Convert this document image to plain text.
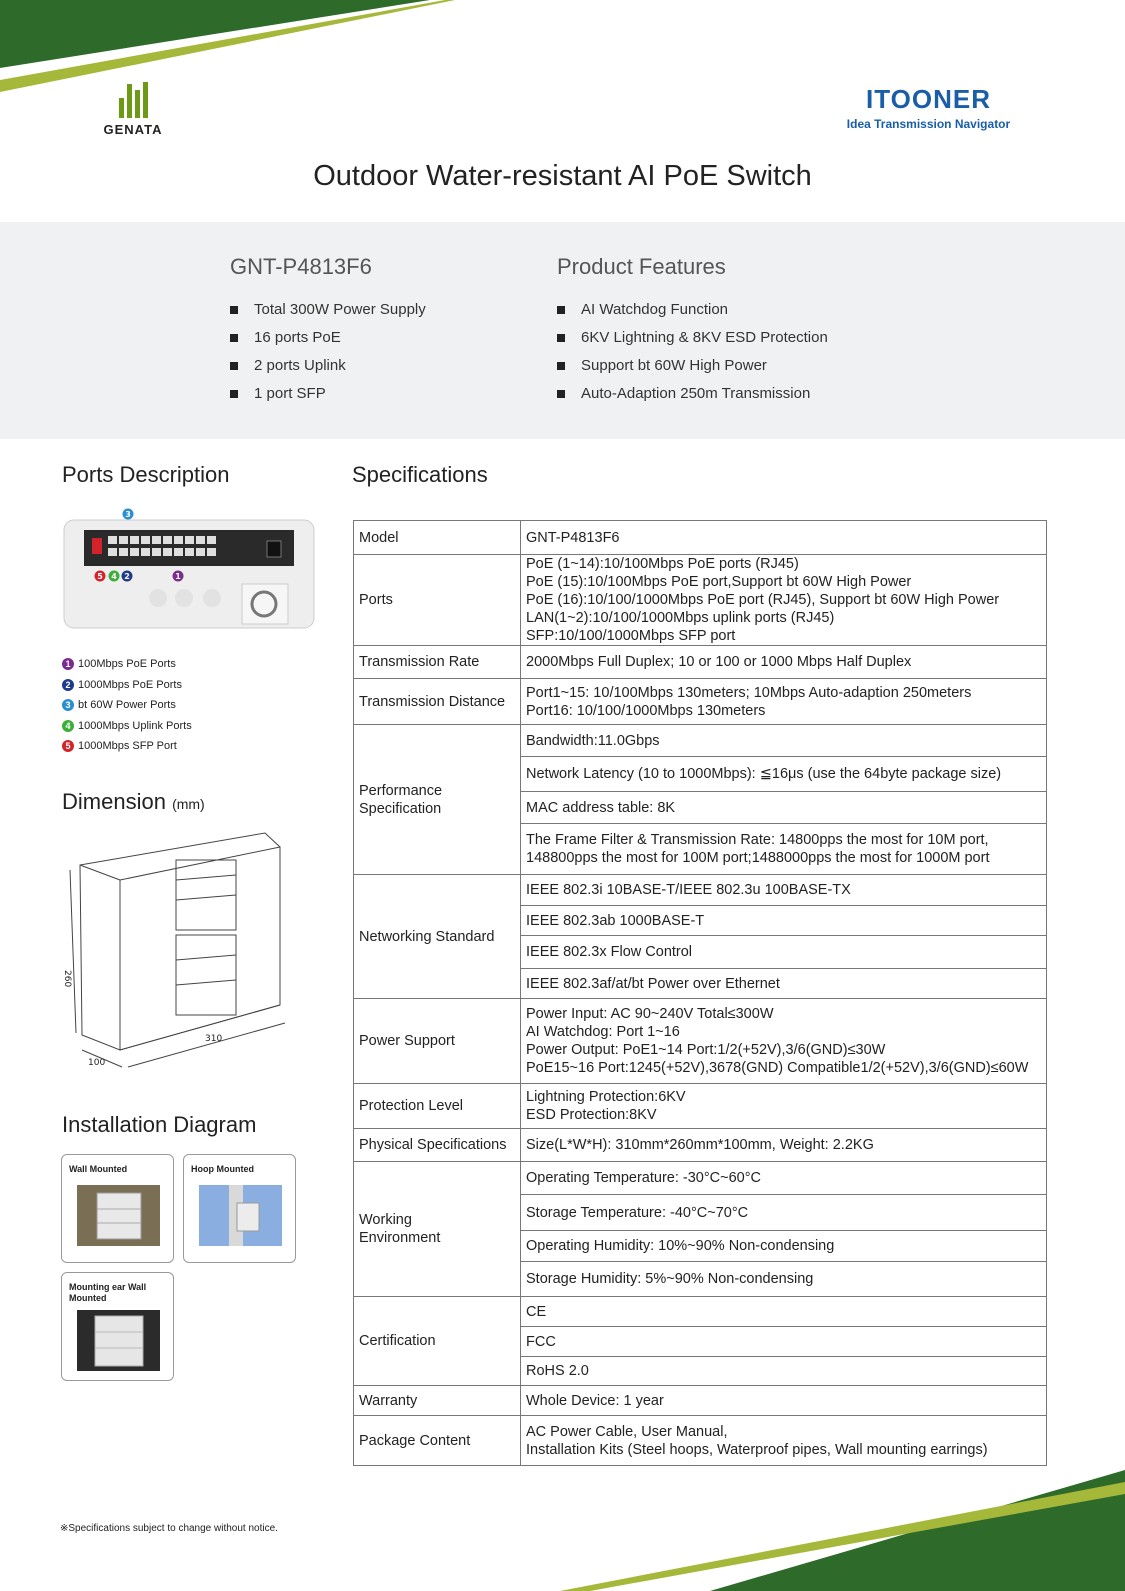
GENATA
ITOONER
Idea Transmission Navigator
Outdoor Water-resistant AI PoE Switch
GNT-P4813F6
Total 300W Power Supply
16 ports PoE
2 ports Uplink
1 port SFP
Product Features
AI Watchdog Function
6KV Lightning & 8KV ESD Protection
Support bt 60W High Power
Auto-Adaption 250m Transmission
Ports Description
5 4 2	1
3
1 100Mbps PoE Ports
2 1000Mbps PoE Ports
3 bt 60W Power Ports
4 1000Mbps Uplink Ports
5 1000Mbps SFP Port
Dimension (mm)
260
310
100
Installation Diagram
Wall Mounted	Hoop Mounted
Mounting ear Wall Mounted
Specifications
Model	GNT-P4813F6
Ports	PoE (1~14):10/100Mbps PoE ports (RJ45)
PoE (15):10/100Mbps PoE port,Support bt 60W High Power
PoE (16):10/100/1000Mbps PoE port (RJ45), Support bt 60W High Power
LAN(1~2):10/100/1000Mbps uplink ports (RJ45)
SFP:10/100/1000Mbps SFP port
Transmission Rate	2000Mbps Full Duplex; 10 or 100 or 1000 Mbps Half Duplex
Transmission Distance	Port1~15: 10/100Mbps 130meters; 10Mbps Auto-adaption 250meters
Port16: 10/100/1000Mbps 130meters
Performance
Specification	Bandwidth:11.0Gbps
	Network Latency (10 to 1000Mbps): ≦16μs (use the 64byte package size)
	MAC address table: 8K
	The Frame Filter & Transmission Rate: 14800pps the most for 10M port,
148800pps the most for 100M port;1488000pps the most for 1000M port
Networking Standard	IEEE 802.3i 10BASE-T/IEEE 802.3u 100BASE-TX
	IEEE 802.3ab 1000BASE-T
	IEEE 802.3x Flow Control
	IEEE 802.3af/at/bt Power over Ethernet
Power Support	Power Input: AC 90~240V Total≤300W
AI Watchdog: Port 1~16
Power Output: PoE1~14 Port:1/2(+52V),3/6(GND)≤30W
PoE15~16 Port:1245(+52V),3678(GND) Compatible1/2(+52V),3/6(GND)≤60W
Protection Level	Lightning Protection:6KV
ESD Protection:8KV
Physical Specifications	Size(L*W*H): 310mm*260mm*100mm, Weight: 2.2KG
Working
Environment	Operating Temperature: -30°C~60°C
	Storage Temperature: -40°C~70°C
	Operating Humidity: 10%~90% Non-condensing
	Storage Humidity: 5%~90% Non-condensing
Certification	CE
	FCC
	RoHS 2.0
Warranty	Whole Device: 1 year
Package Content	AC Power Cable, User Manual,
Installation Kits (Steel hoops, Waterproof pipes, Wall mounting earrings)
※Specifications subject to change without notice.
